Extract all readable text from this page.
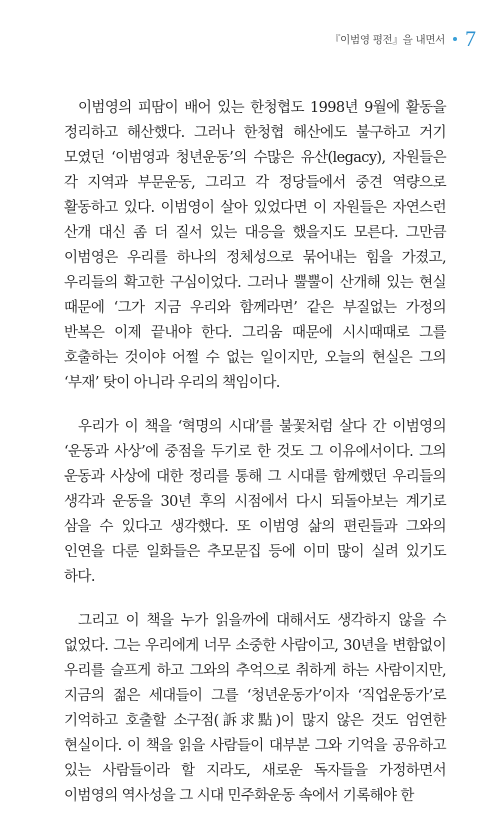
『이범영 평전』을 내면서 7

이범영의 피땀이 배어 있는 한청협도 1998년 9월에 활동을 정리하고 해산했다. 그러나 한청협 해산에도 불구하고 거기 모였던 ‘이범영과 청년운동’의 수많은 유산(legacy), 자원들은 각 지역과 부문운동, 그리고 각 정당들에서 중견 역량으로 활동하고 있다. 이범영이 살아 있었다면 이 자원들은 자연스런 산개 대신 좀 더 질서 있는 대응을 했을지도 모른다. 그만큼 이범영은 우리를 하나의 정체성으로 묶어내는 힘을 가졌고, 우리들의 확고한 구심이었다. 그러나 뿔뿔이 산개해 있는 현실 때문에 ‘그가 지금 우리와 함께라면’ 같은 부질없는 가정의 반복은 이제 끝내야 한다. 그리움 때문에 시시때때로 그를 호출하는 것이야 어쩔 수 없는 일이지만, 오늘의 현실은 그의 ‘부재’ 탓이 아니라 우리의 책임이다.

우리가 이 책을 ‘혁명의 시대’를 불꽃처럼 살다 간 이범영의 ‘운동과 사상’에 중점을 두기로 한 것도 그 이유에서이다. 그의 운동과 사상에 대한 정리를 통해 그 시대를 함께했던 우리들의 생각과 운동을 30년 후의 시점에서 다시 되돌아보는 계기로 삼을 수 있다고 생각했다. 또 이범영 삶의 편린들과 그와의 인연을 다룬 일화들은 추모문집 등에 이미 많이 실려 있기도 하다.

그리고 이 책을 누가 읽을까에 대해서도 생각하지 않을 수 없었다. 그는 우리에게 너무 소중한 사람이고, 30년을 변함없이 우리를 슬프게 하고 그와의 추억으로 취하게 하는 사람이지만, 지금의 젊은 세대들이 그를 ‘청년운동가’이자 ‘직업운동가’로 기억하고 호출할 소구점(訴求點)이 많지 않은 것도 엄연한 현실이다. 이 책을 읽을 사람들이 대부분 그와 기억을 공유하고 있는 사람들이라 할 지라도, 새로운 독자들을 가정하면서 이범영의 역사성을 그 시대 민주화운동 속에서 기록해야 한
